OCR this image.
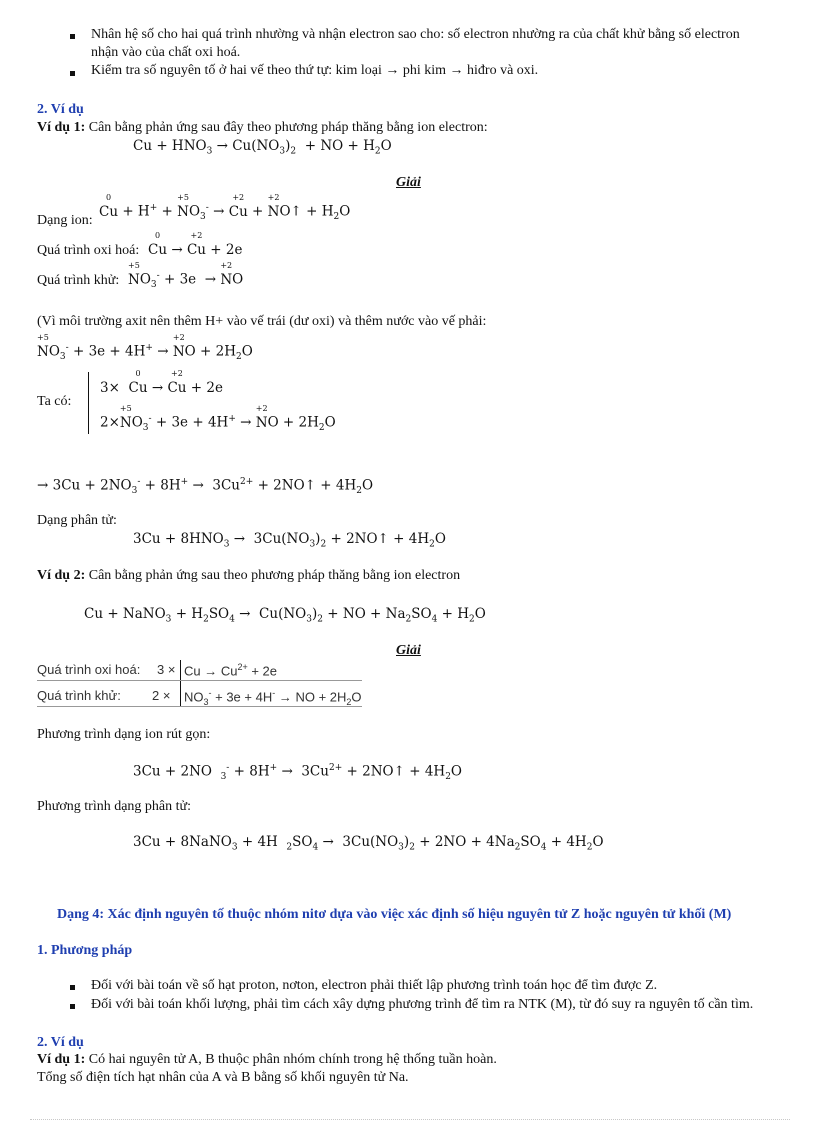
Nhân hệ số cho hai quá trình nhường và nhận electron sao cho: số electron nhường ra của chất khử bằng số electron
nhận vào của chất oxi hoá.
Kiểm tra số nguyên tố ở hai vế theo thứ tự: kim loại → phi kim → hiđro và oxi.
2. Ví dụ
Ví dụ 1: Cân bằng phản ứng sau đây theo phương pháp thăng bằng ion electron:
$Cu + HNO_3 \to Cu(NO_3)_2$  + NO + $H_2O$
Giải
Dạng ion:
Cu
0
+ H+ + N
+5
$O_3^- \to Cu$
+2
+ N
+2
O↑ + $H_2O$
Quá trình oxi hoá: Cu
0
→ Cu
+2
+ 2e
Quá trình khử: N
+5
$O_3^- + 3e \to N$
+2
O
(Vì môi trường axit nên thêm H+ vào vế trái (dư oxi) và thêm nước vào vế phải:
N
+5
$O_3^- + 3e + 4H^+ \to N$
+2
$O + 2H_2O$
Ta có:
3× Cu
0
→ Cu
+2
+ 2e
2×N
+5
$O_3^- + 3e + 4H^+ \to N$
+2
$O + 2H_2O$
→ $3Cu + 2NO_3^- + 8H^+ \to 3Cu^{2+}$ + 2NO↑ + $4H_2O$
Dạng phân tử:
$3Cu + 8HNO_3 \to 3Cu(NO_3)_2$ + 2NO↑ + $4H_2O$
Ví dụ 2: Cân bằng phản ứng sau theo phương pháp thăng bằng ion electron
Cu + NaNO$_3$ + $H_2SO_4 \to Cu(NO_3)_2$ + NO + $Na_2SO_4 + H_2O$
Giải
Quá trình oxi hoá: $3 \times Cu \to Cu^{2+} + 2e$
Quá trình khử: $2 \times NO_3^- + 3e + 4H^-$ → NO + $2H_2O$
Phương trình dạng ion rút gọn:
3Cu + 2NO  $_3^- + 8H^+ \to 3Cu^{2+}$ + 2NO↑ + $4H_2O$
Phương trình dạng phân tử:
3Cu + 8NaNO$_3$ + 4H  $_2SO_4 \to 3Cu(NO_3)_2 + 2NO + 4Na_2SO_4 + 4H_2O$
Dạng 4: Xác định nguyên tố thuộc nhóm nitơ dựa vào việc xác định số hiệu nguyên tử Z hoặc nguyên tử khối (M)
1. Phương pháp
Đối với bài toán về số hạt proton, nơton, electron phải thiết lập phương trình toán học để tìm được Z.
Đối với bài toán khối lượng, phải tìm cách xây dựng phương trình để tìm ra NTK (M), từ đó suy ra nguyên tố cần tìm.
2. Ví dụ
Ví dụ 1: Có hai nguyên tử A, B thuộc phân nhóm chính trong hệ thống tuần hoàn.
Tổng số điện tích hạt nhân của A và B bằng số khối nguyên tử Na.
